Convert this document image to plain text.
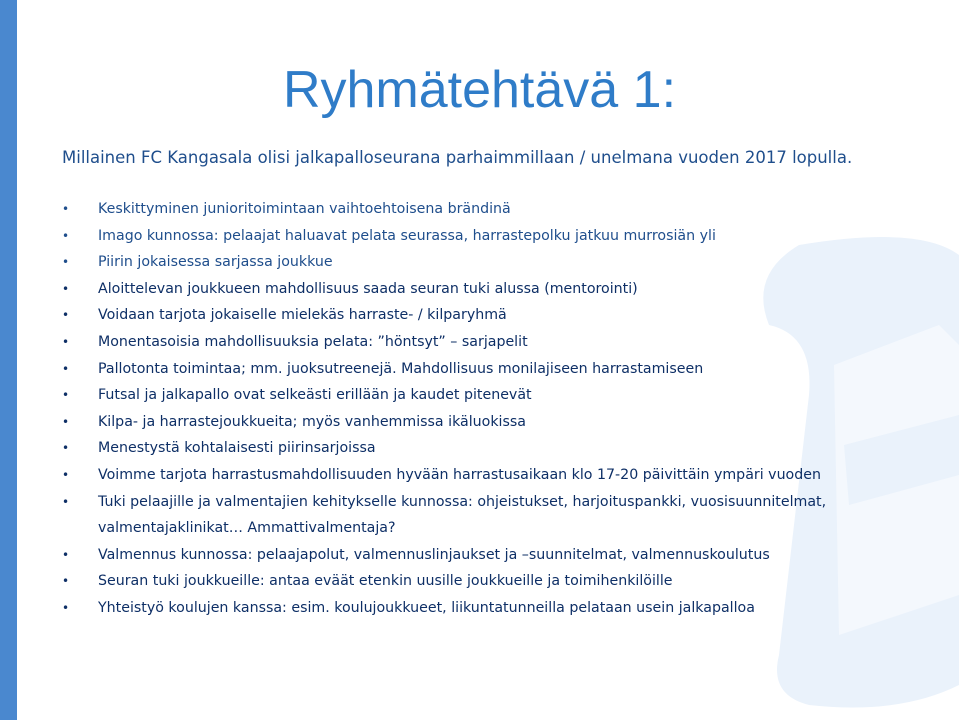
Ryhmätehtävä 1:

Millainen FC Kangasala olisi jalkapalloseurana parhaimmillaan / unelmana vuoden 2017 lopulla.

• Keskittyminen junioritoimintaan vaihtoehtoisena brändinä
• Imago kunnossa: pelaajat haluavat pelata seurassa, harrastepolku jatkuu murrosiän yli
• Piirin jokaisessa sarjassa joukkue
• Aloittelevan joukkueen mahdollisuus saada seuran tuki alussa (mentorointi)
• Voidaan tarjota jokaiselle mielekäs harraste- / kilparyhmä
• Monentasoisia mahdollisuuksia pelata: ”höntsyt” – sarjapelit
• Pallotonta toimintaa; mm. juoksutreenejä. Mahdollisuus monilajiseen harrastamiseen
• Futsal ja jalkapallo ovat selkeästi erillään ja kaudet pitenevät
• Kilpa- ja harrastejoukkueita; myös vanhemmissa ikäluokissa
• Menestystä kohtalaisesti piirinsarjoissa
• Voimme tarjota harrastusmahdollisuuden hyvään harrastusaikaan klo 17-20 päivittäin ympäri vuoden
• Tuki pelaajille ja valmentajien kehitykselle kunnossa: ohjeistukset, harjoituspankki, vuosisuunnitelmat, valmentajaklinikat… Ammattivalmentaja?
• Valmennus kunnossa: pelaajapolut, valmennuslinjaukset ja –suunnitelmat, valmennuskoulutus
• Seuran tuki joukkueille: antaa eväät etenkin uusille joukkueille ja toimihenkilöille
• Yhteistyö koulujen kanssa: esim. koulujoukkueet, liikuntatunneilla pelataan usein jalkapalloa
